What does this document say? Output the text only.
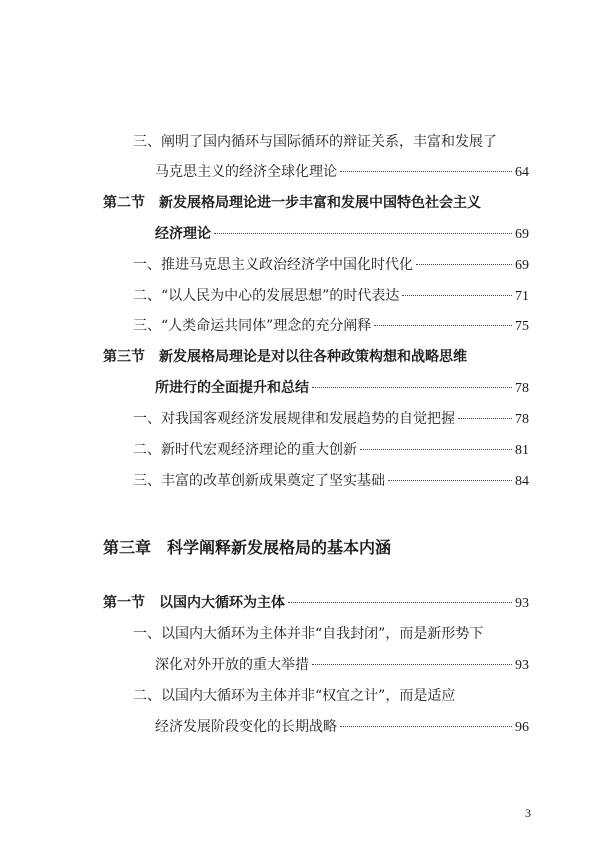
三、阐明了国内循环与国际循环的辩证关系，丰富和发展了
马克思主义的经济全球化理论	64
第二节　新发展格局理论进一步丰富和发展中国特色社会主义
经济理论	69
一、推进马克思主义政治经济学中国化时代化	69
二、“以人民为中心的发展思想”的时代表达	71
三、“人类命运共同体”理念的充分阐释	75
第三节　新发展格局理论是对以往各种政策构想和战略思维
所进行的全面提升和总结	78
一、对我国客观经济发展规律和发展趋势的自觉把握	78
二、新时代宏观经济理论的重大创新	81
三、丰富的改革创新成果奠定了坚实基础	84
第三章　科学阐释新发展格局的基本内涵
第一节　以国内大循环为主体	93
一、以国内大循环为主体并非“自我封闭”，而是新形势下
深化对外开放的重大举措	93
二、以国内大循环为主体并非“权宜之计”，而是适应
经济发展阶段变化的长期战略	96
3
